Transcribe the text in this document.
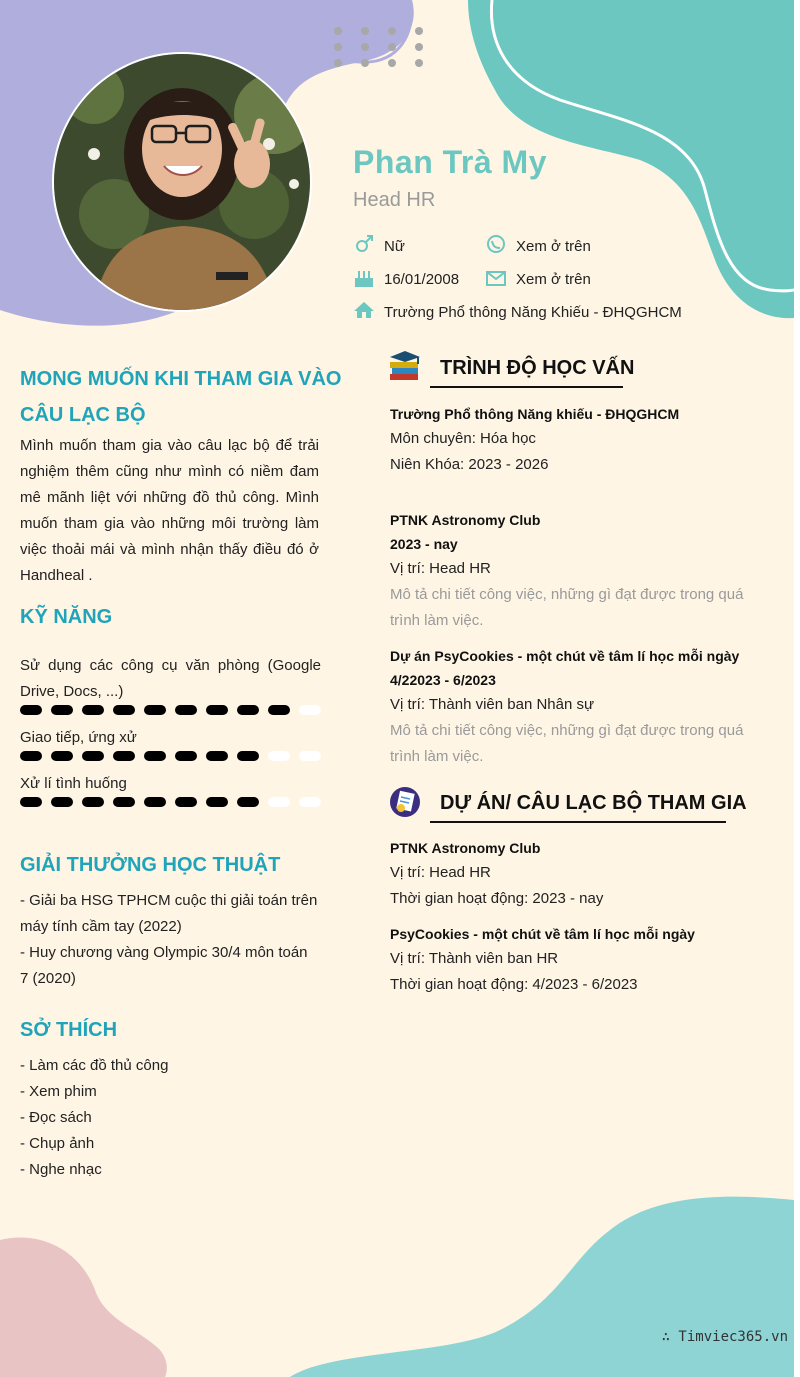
Phan Trà My
Head HR
Nữ	Xem ở trên
16/01/2008	Xem ở trên
Trường Phổ thông Năng Khiếu - ĐHQGHCM
MONG MUỐN KHI THAM GIA VÀO
CÂU LẠC BỘ
Mình muốn tham gia vào câu lạc bộ để trải nghiệm thêm cũng như mình có niềm đam mê mãnh liệt với những đồ thủ công. Mình muốn tham gia vào những môi trường làm việc thoải mái và mình nhận thấy điều đó ở Handheal .
KỸ NĂNG
Sử dụng các công cụ văn phòng (Google Drive, Docs, ...)
Giao tiếp, ứng xử
Xử lí tình huống
GIẢI THƯỞNG HỌC THUẬT
- Giải ba HSG TPHCM cuộc thi giải toán trên máy tính cầm tay (2022)
- Huy chương vàng Olympic 30/4 môn toán 7 (2020)
SỞ THÍCH
- Làm các đồ thủ công
- Xem phim
- Đọc sách
- Chụp ảnh
- Nghe nhạc
TRÌNH ĐỘ HỌC VẤN
Trường Phổ thông Năng khiếu - ĐHQGHCM
Môn chuyên: Hóa học
Niên Khóa: 2023 - 2026
PTNK Astronomy Club
2023 - nay
Vị trí: Head HR
Mô tả chi tiết công việc, những gì đạt được trong quá trình làm việc.
Dự án PsyCookies - một chút về tâm lí học mỗi ngày
4/22023 - 6/2023
Vị trí: Thành viên ban Nhân sự
Mô tả chi tiết công việc, những gì đạt được trong quá trình làm việc.
DỰ ÁN/ CÂU LẠC BỘ THAM GIA
PTNK Astronomy Club
Vị trí: Head HR
Thời gian hoạt động: 2023 - nay
PsyCookies - một chút về tâm lí học mỗi ngày
Vị trí: Thành viên ban HR
Thời gian hoạt động: 4/2023 - 6/2023
∴ Timviec365.vn
